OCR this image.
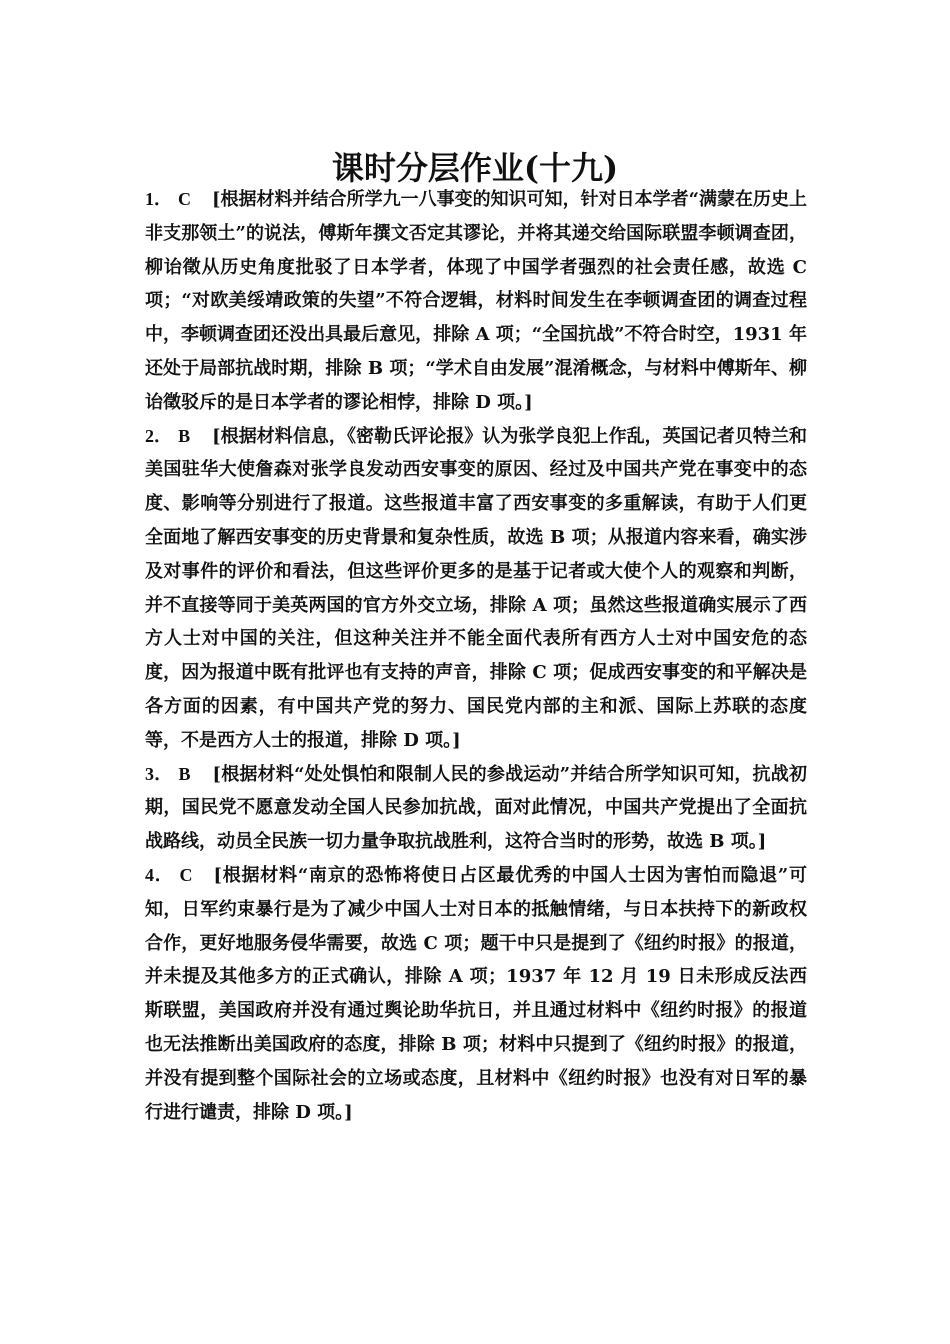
课时分层作业(十九)

1． C [根据材料并结合所学九一八事变的知识可知，针对日本学者“满蒙在历史上非支那领土”的说法，傅斯年撰文否定其谬论，并将其递交给国际联盟李顿调查团，柳诒徵从历史角度批驳了日本学者，体现了中国学者强烈的社会责任感，故选 C 项；“对欧美绥靖政策的失望”不符合逻辑，材料时间发生在李顿调查团的调查过程中，李顿调查团还没出具最后意见，排除 A 项；“全国抗战”不符合时空，1931 年还处于局部抗战时期，排除 B 项；“学术自由发展”混淆概念，与材料中傅斯年、柳诒徵驳斥的是日本学者的谬论相悖，排除 D 项。]

2． B [根据材料信息，《密勒氏评论报》认为张学良犯上作乱，英国记者贝特兰和美国驻华大使詹森对张学良发动西安事变的原因、经过及中国共产党在事变中的态度、影响等分别进行了报道。这些报道丰富了西安事变的多重解读，有助于人们更全面地了解西安事变的历史背景和复杂性质，故选 B 项；从报道内容来看，确实涉及对事件的评价和看法，但这些评价更多的是基于记者或大使个人的观察和判断，并不直接等同于美英两国的官方外交立场，排除 A 项；虽然这些报道确实展示了西方人士对中国的关注，但这种关注并不能全面代表所有西方人士对中国安危的态度，因为报道中既有批评也有支持的声音，排除 C 项；促成西安事变的和平解决是各方面的因素，有中国共产党的努力、国民党内部的主和派、国际上苏联的态度等，不是西方人士的报道，排除 D 项。]

3． B [根据材料“处处惧怕和限制人民的参战运动”并结合所学知识可知，抗战初期，国民党不愿意发动全国人民参加抗战，面对此情况，中国共产党提出了全面抗战路线，动员全民族一切力量争取抗战胜利，这符合当时的形势，故选 B 项。]

4． C [根据材料“南京的恐怖将使日占区最优秀的中国人士因为害怕而隐退”可知，日军约束暴行是为了减少中国人士对日本的抵触情绪，与日本扶持下的新政权合作，更好地服务侵华需要，故选 C 项；题干中只是提到了《纽约时报》的报道，并未提及其他多方的正式确认，排除 A 项；1937 年 12 月 19 日未形成反法西斯联盟，美国政府并没有通过舆论助华抗日，并且通过材料中《纽约时报》的报道也无法推断出美国政府的态度，排除 B 项；材料中只提到了《纽约时报》的报道，并没有提到整个国际社会的立场或态度，且材料中《纽约时报》也没有对日军的暴行进行谴责，排除 D 项。]
